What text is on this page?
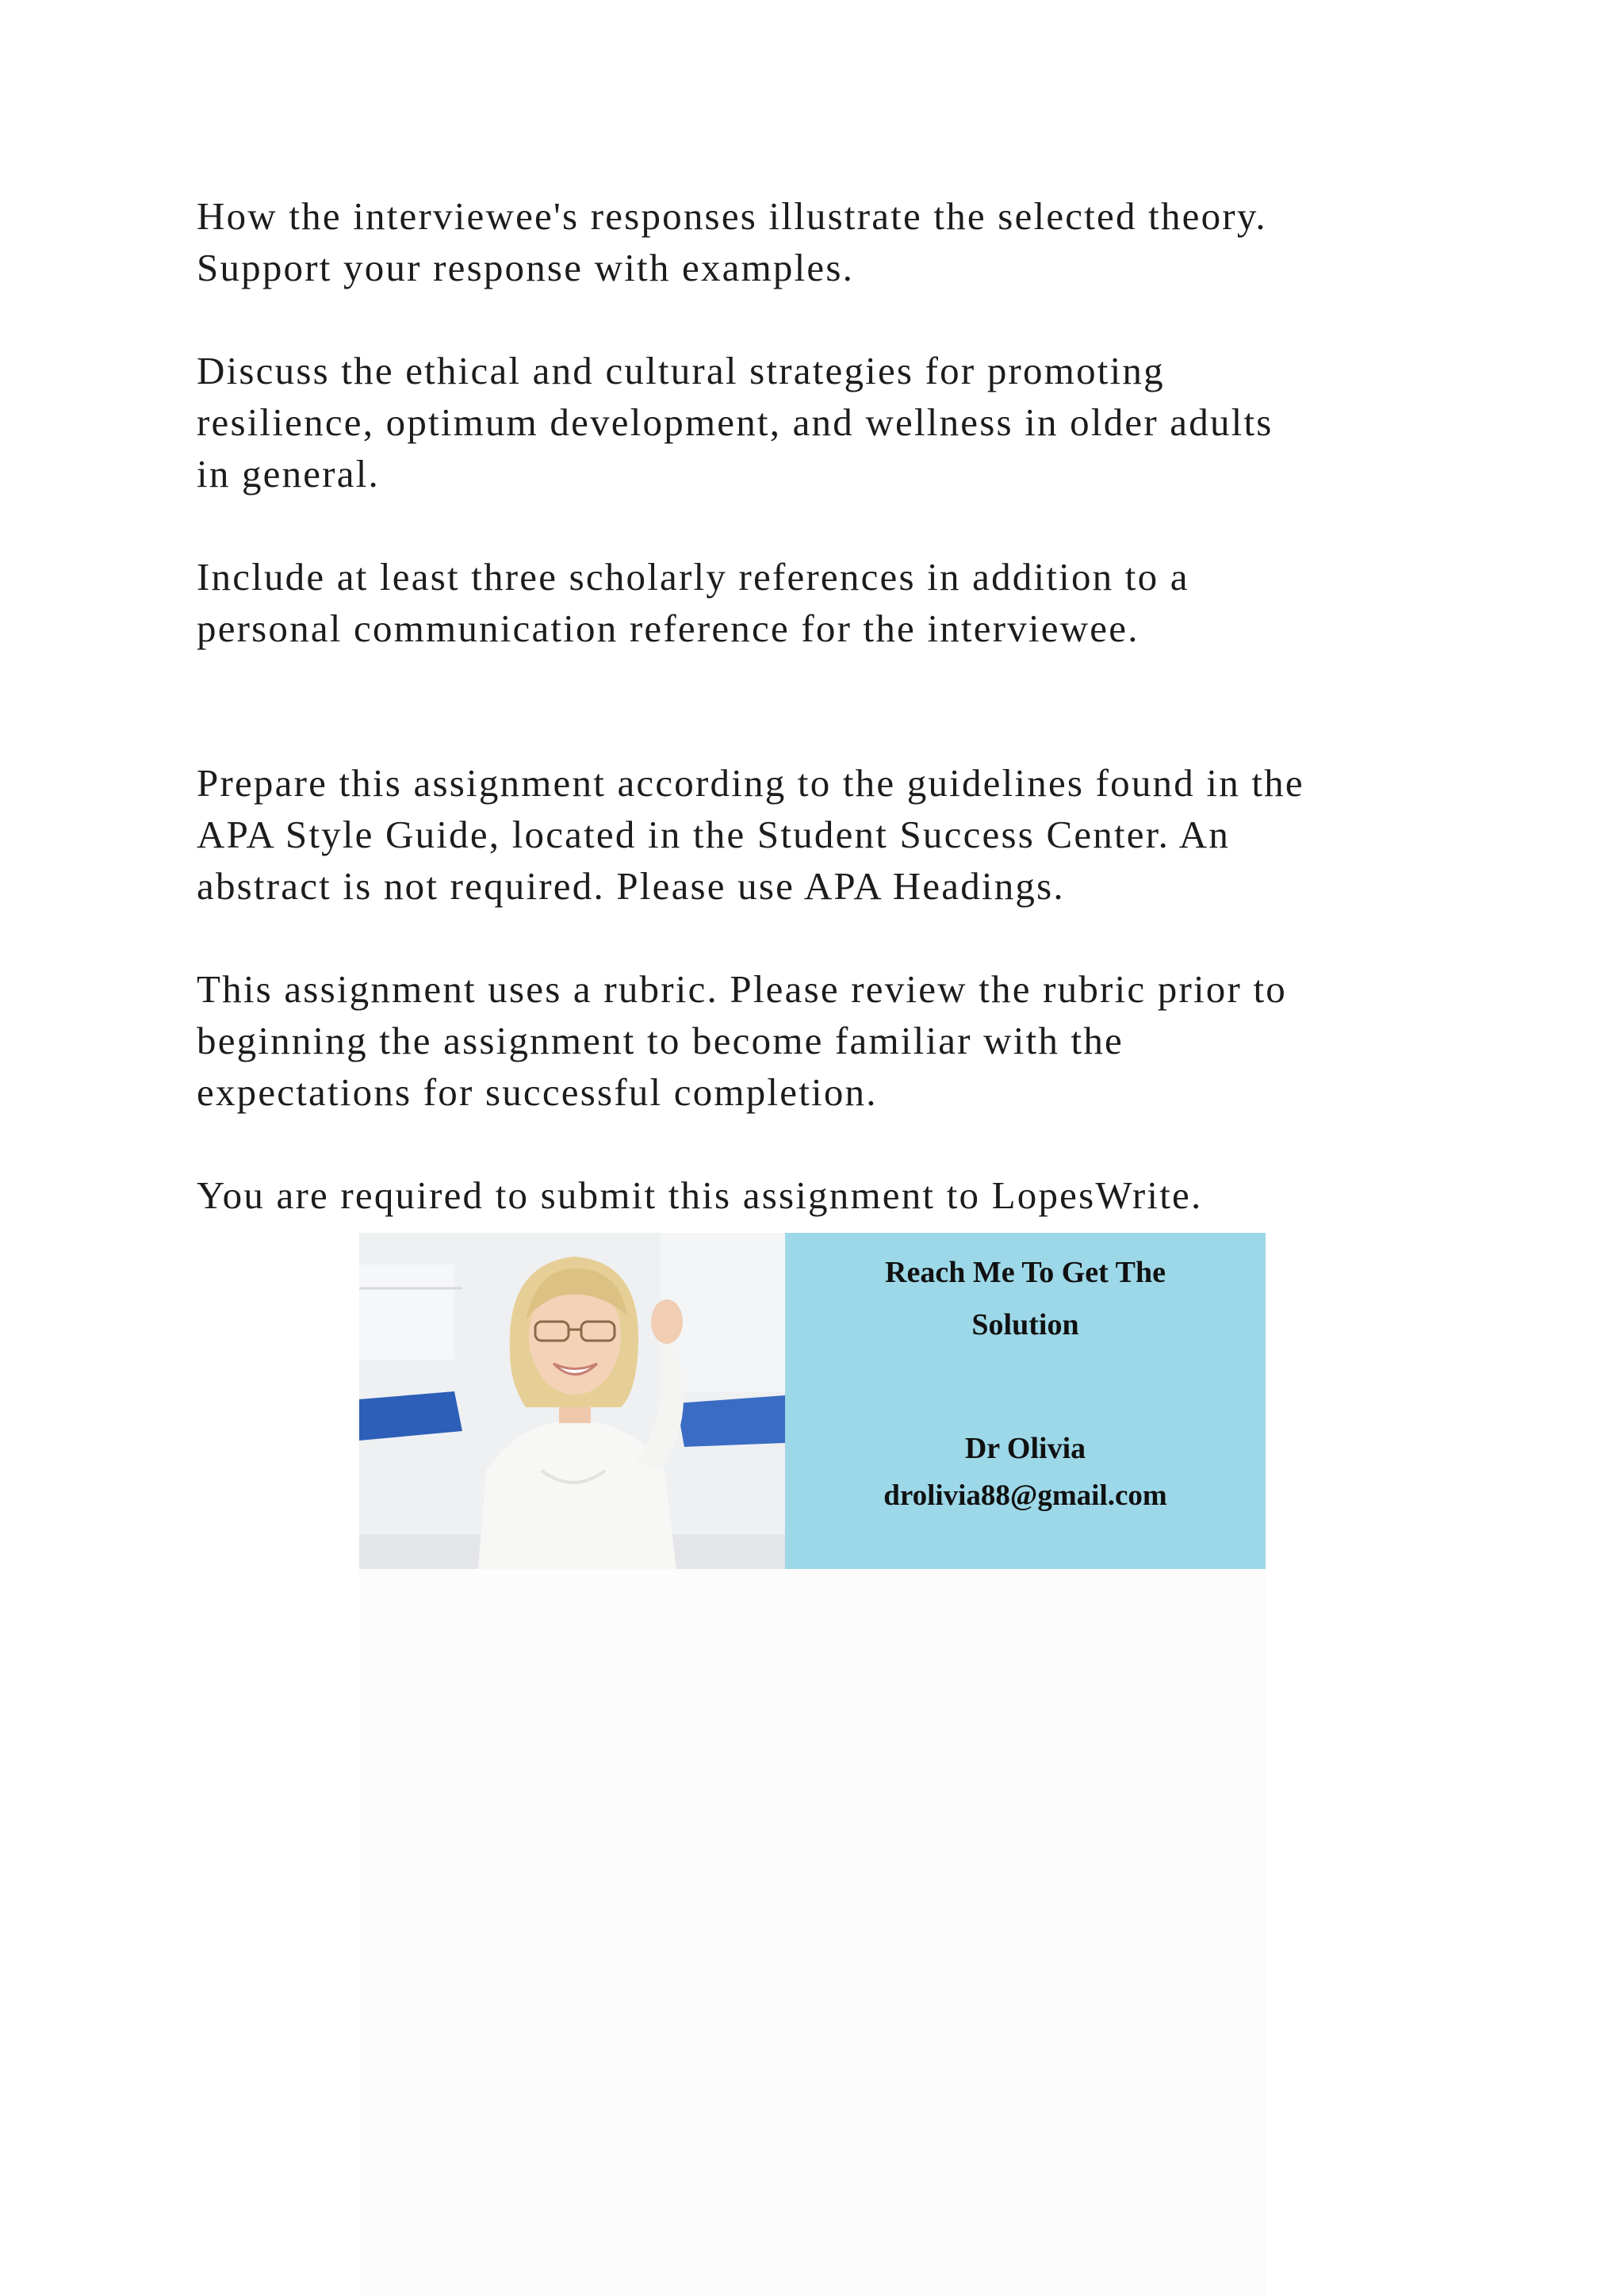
How the interviewee's responses illustrate the selected theory.
Support your response with examples.
Discuss the ethical and cultural strategies for promoting
resilience, optimum development, and wellness in older adults
in general.
Include at least three scholarly references in addition to a
personal communication reference for the interviewee.
Prepare this assignment according to the guidelines found in the
APA Style Guide, located in the Student Success Center. An
abstract is not required. Please use APA Headings.
This assignment uses a rubric. Please review the rubric prior to
beginning the assignment to become familiar with the
expectations for successful completion.
You are required to submit this assignment to LopesWrite.
Reach Me To Get The
Solution
Dr Olivia
drolivia88@gmail.com
